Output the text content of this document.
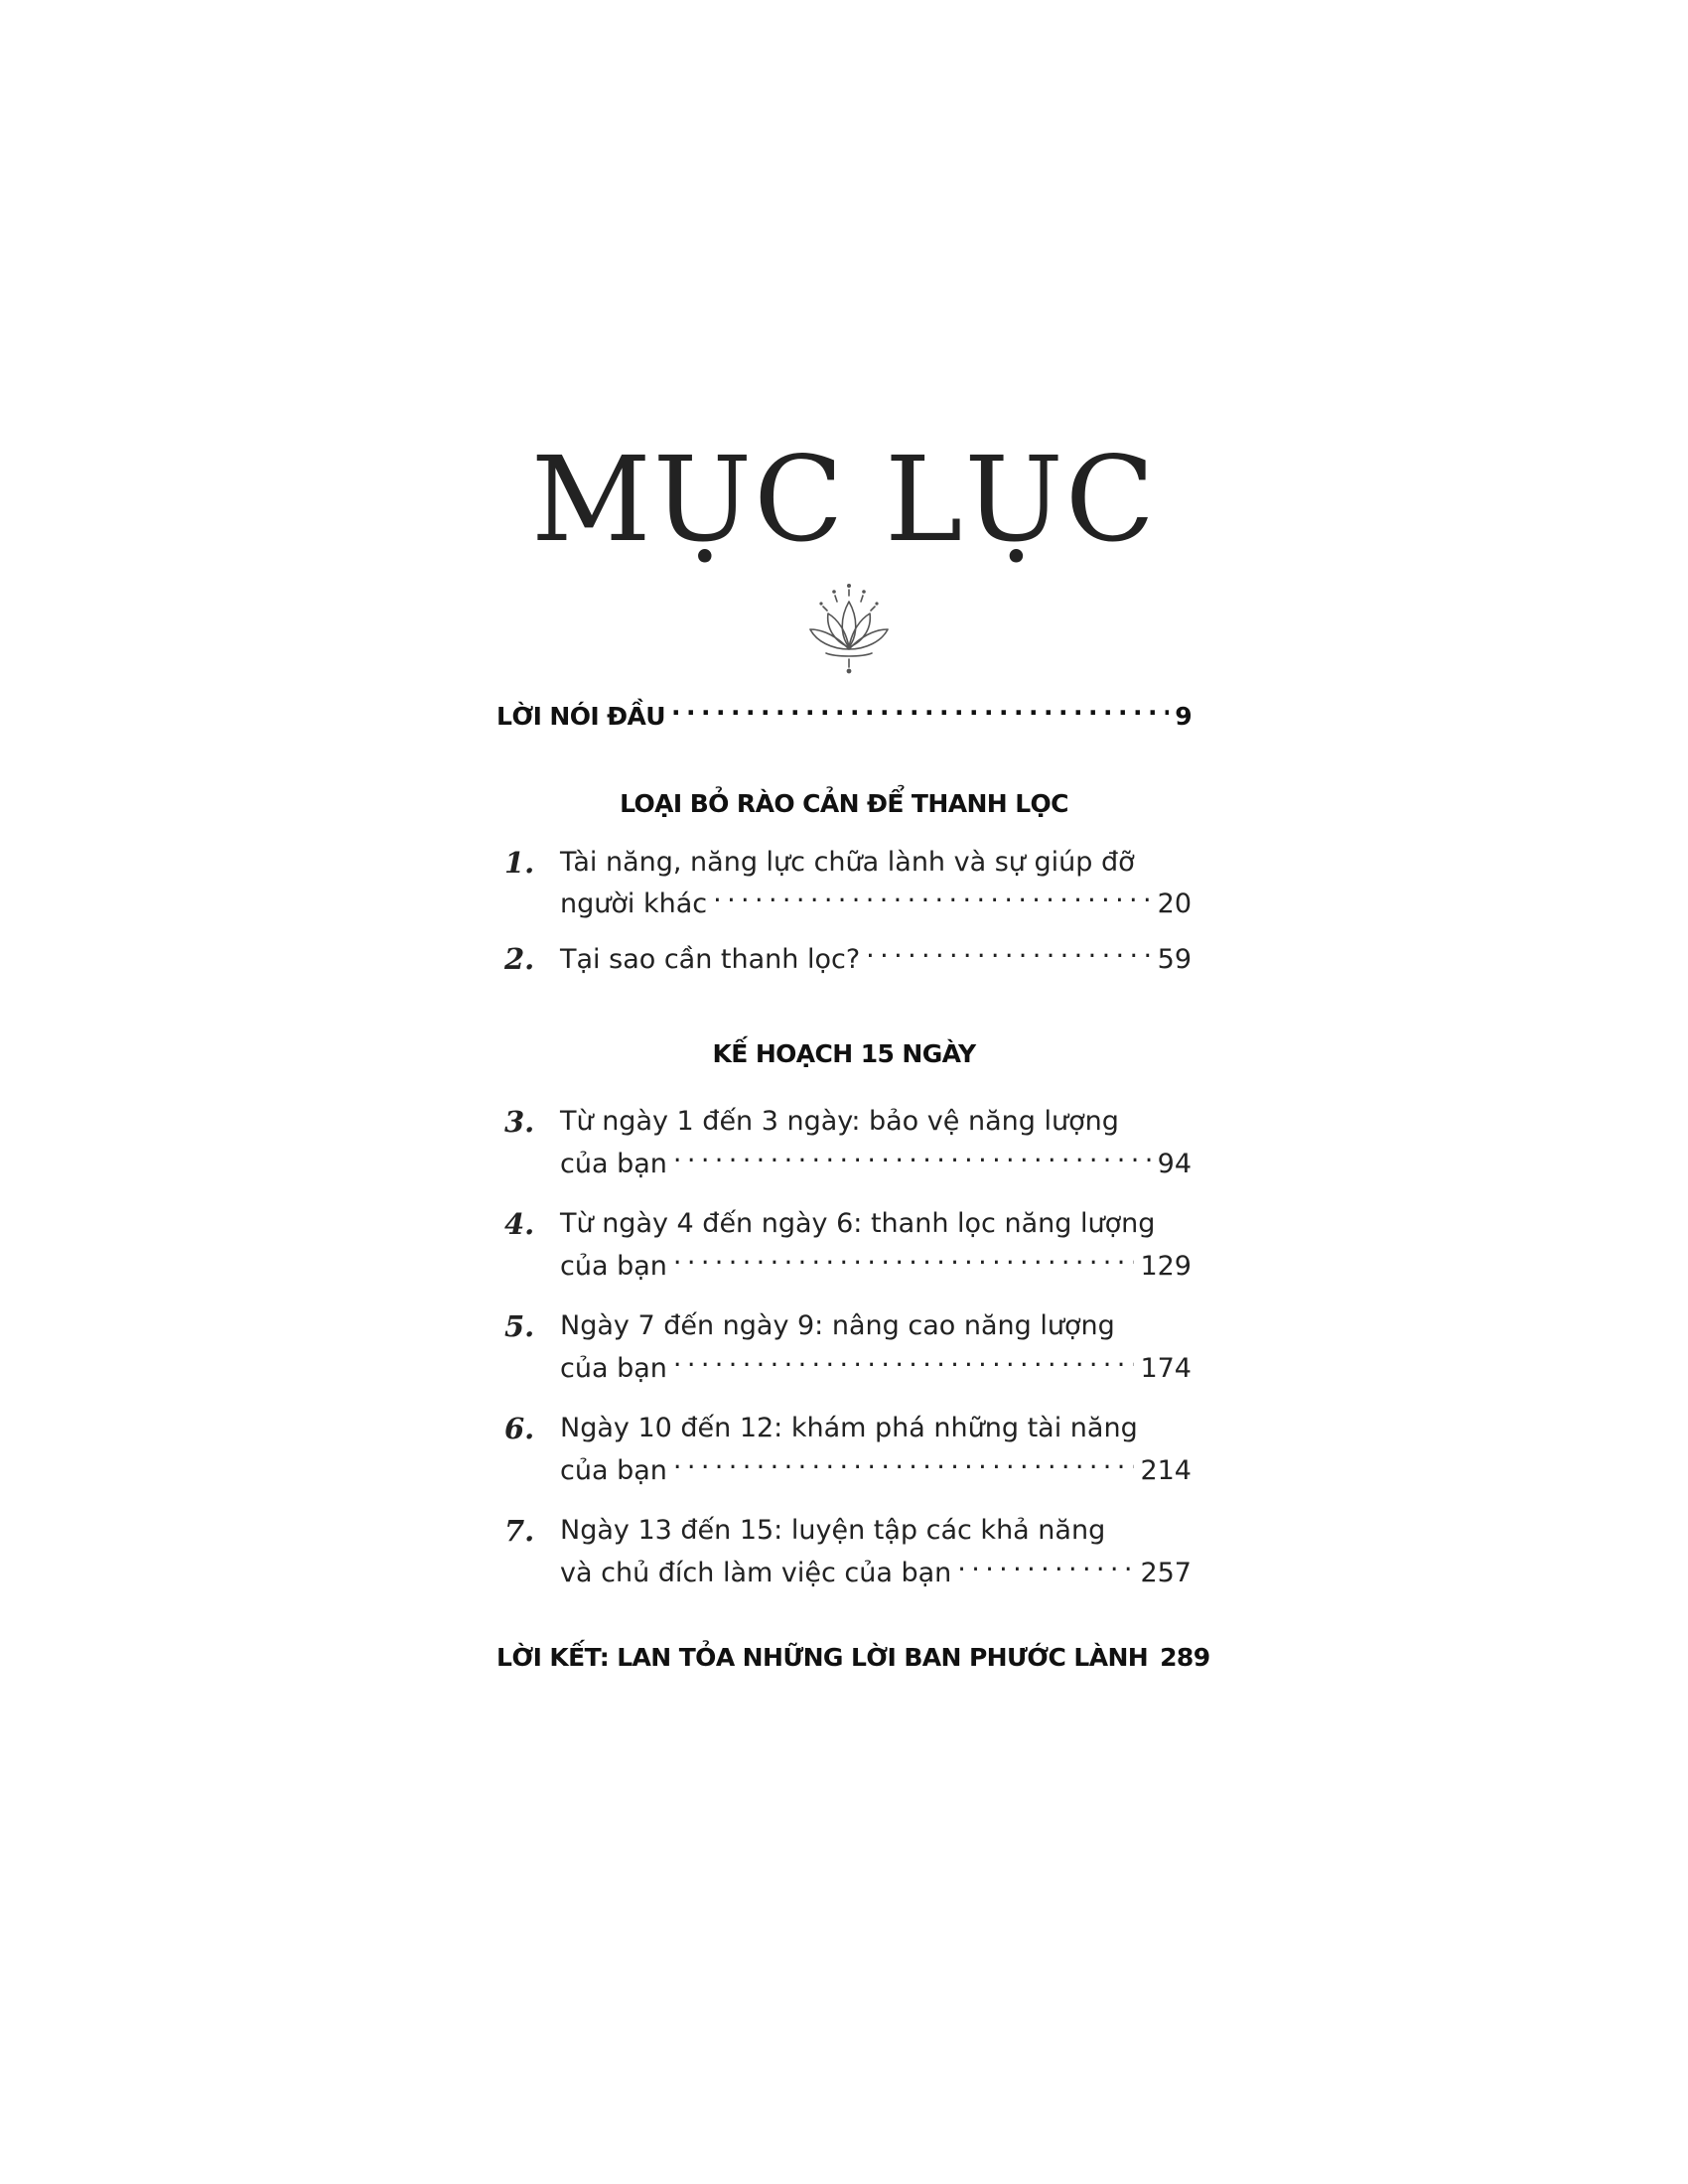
MỤC LỤC
LỜI NÓI ĐẦU . . .	9
LOẠI BỎ RÀO CẢN ĐỂ THANH LỌC
1. Tài năng, năng lực chữa lành và sự giúp đỡ
người khác . . .	20
2. Tại sao cần thanh lọc? . . .	59
KẾ HOẠCH 15 NGÀY
3. Từ ngày 1 đến 3 ngày: bảo vệ năng lượng
của bạn . . .	94
4. Từ ngày 4 đến ngày 6: thanh lọc năng lượng
của bạn . . .	129
5. Ngày 7 đến ngày 9: nâng cao năng lượng
của bạn . . .	174
6. Ngày 10 đến 12: khám phá những tài năng
của bạn . . .	214
7. Ngày 13 đến 15: luyện tập các khả năng
và chủ đích làm việc của bạn . . .	257
LỜI KẾT: LAN TỎA NHỮNG LỜI BAN PHƯỚC LÀNH 289
